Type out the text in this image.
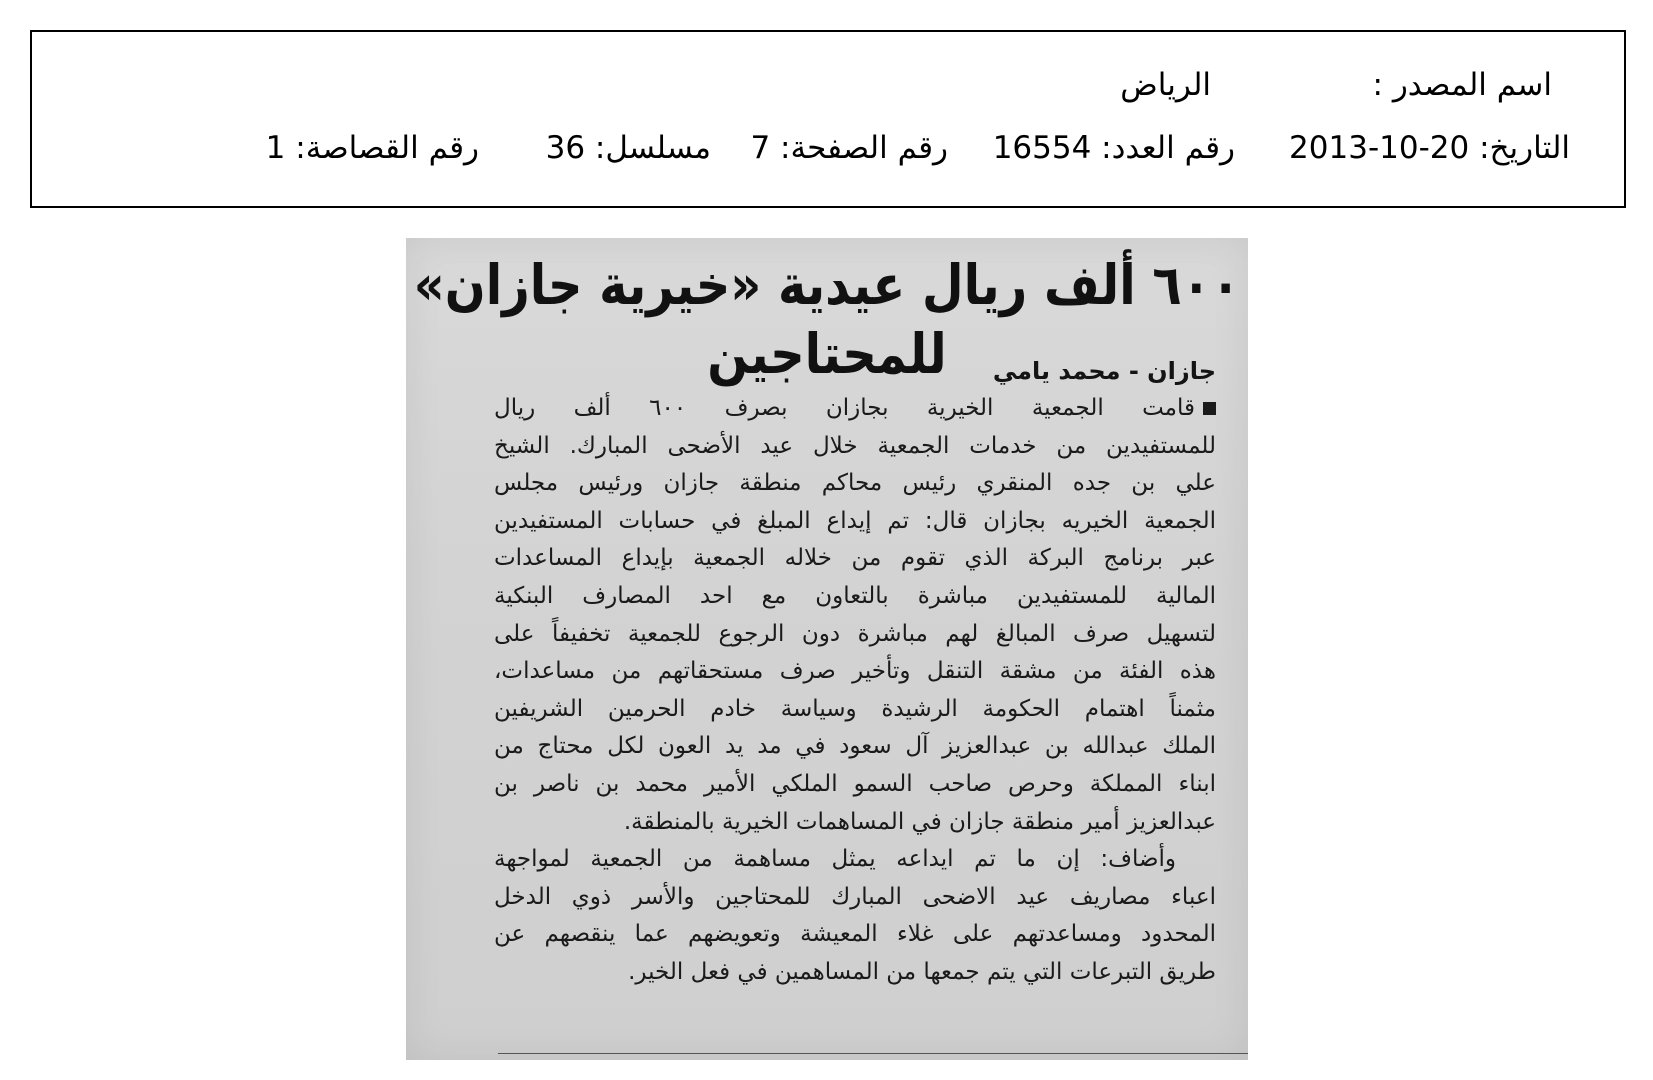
اسم المصدر :
الرياض
التاريخ: 20-10-2013
رقم العدد: 16554
رقم الصفحة: 7
مسلسل: 36
رقم القصاصة: 1
٦٠٠ ألف ريال عيدية «خيرية جازان» للمحتاجين	جازان - محمد يامي
قامت الجمعية الخيرية بجازان بصرف ٦٠٠ ألف ريال
للمستفيدين من خدمات الجمعية خلال عيد الأضحى المبارك. الشيخ
علي بن جده المنقري رئيس محاكم منطقة جازان ورئيس مجلس
الجمعية الخيريه بجازان قال: تم إيداع المبلغ في حسابات المستفيدين
عبر برنامج البركة الذي تقوم من خلاله الجمعية بإيداع المساعدات
المالية للمستفيدين مباشرة بالتعاون مع احد المصارف البنكية
لتسهيل صرف المبالغ لهم مباشرة دون الرجوع للجمعية تخفيفاً على
هذه الفئة من مشقة التنقل وتأخير صرف مستحقاتهم من مساعدات،
مثمناً اهتمام الحكومة الرشيدة وسياسة خادم الحرمين الشريفين
الملك عبدالله بن عبدالعزيز آل سعود في مد يد العون لكل محتاج من
ابناء المملكة وحرص صاحب السمو الملكي الأمير محمد بن ناصر بن
عبدالعزيز أمير منطقة جازان في المساهمات الخيرية بالمنطقة.
وأضاف: إن ما تم ايداعه يمثل مساهمة من الجمعية لمواجهة
اعباء مصاريف عيد الاضحى المبارك للمحتاجين والأسر ذوي الدخل
المحدود ومساعدتهم على غلاء المعيشة وتعويضهم عما ينقصهم عن
طريق التبرعات التي يتم جمعها من المساهمين في فعل الخير.
